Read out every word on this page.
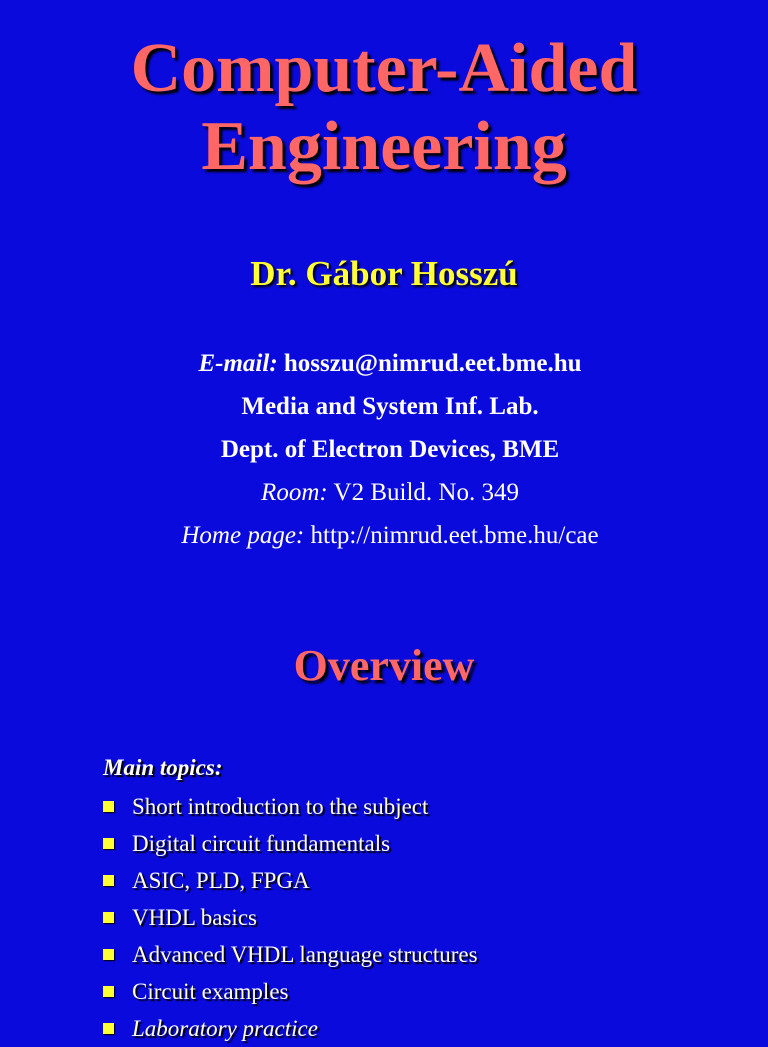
Computer-Aided
Engineering
Dr. Gábor Hosszú
E-mail: hosszu@nimrud.eet.bme.hu
Media and System Inf. Lab.
Dept. of Electron Devices, BME
Room: V2 Build. No. 349
Home page: http://nimrud.eet.bme.hu/cae
Overview
Main topics:
Short introduction to the subject
Digital circuit fundamentals
ASIC, PLD, FPGA
VHDL basics
Advanced VHDL language structures
Circuit examples
Laboratory practice
